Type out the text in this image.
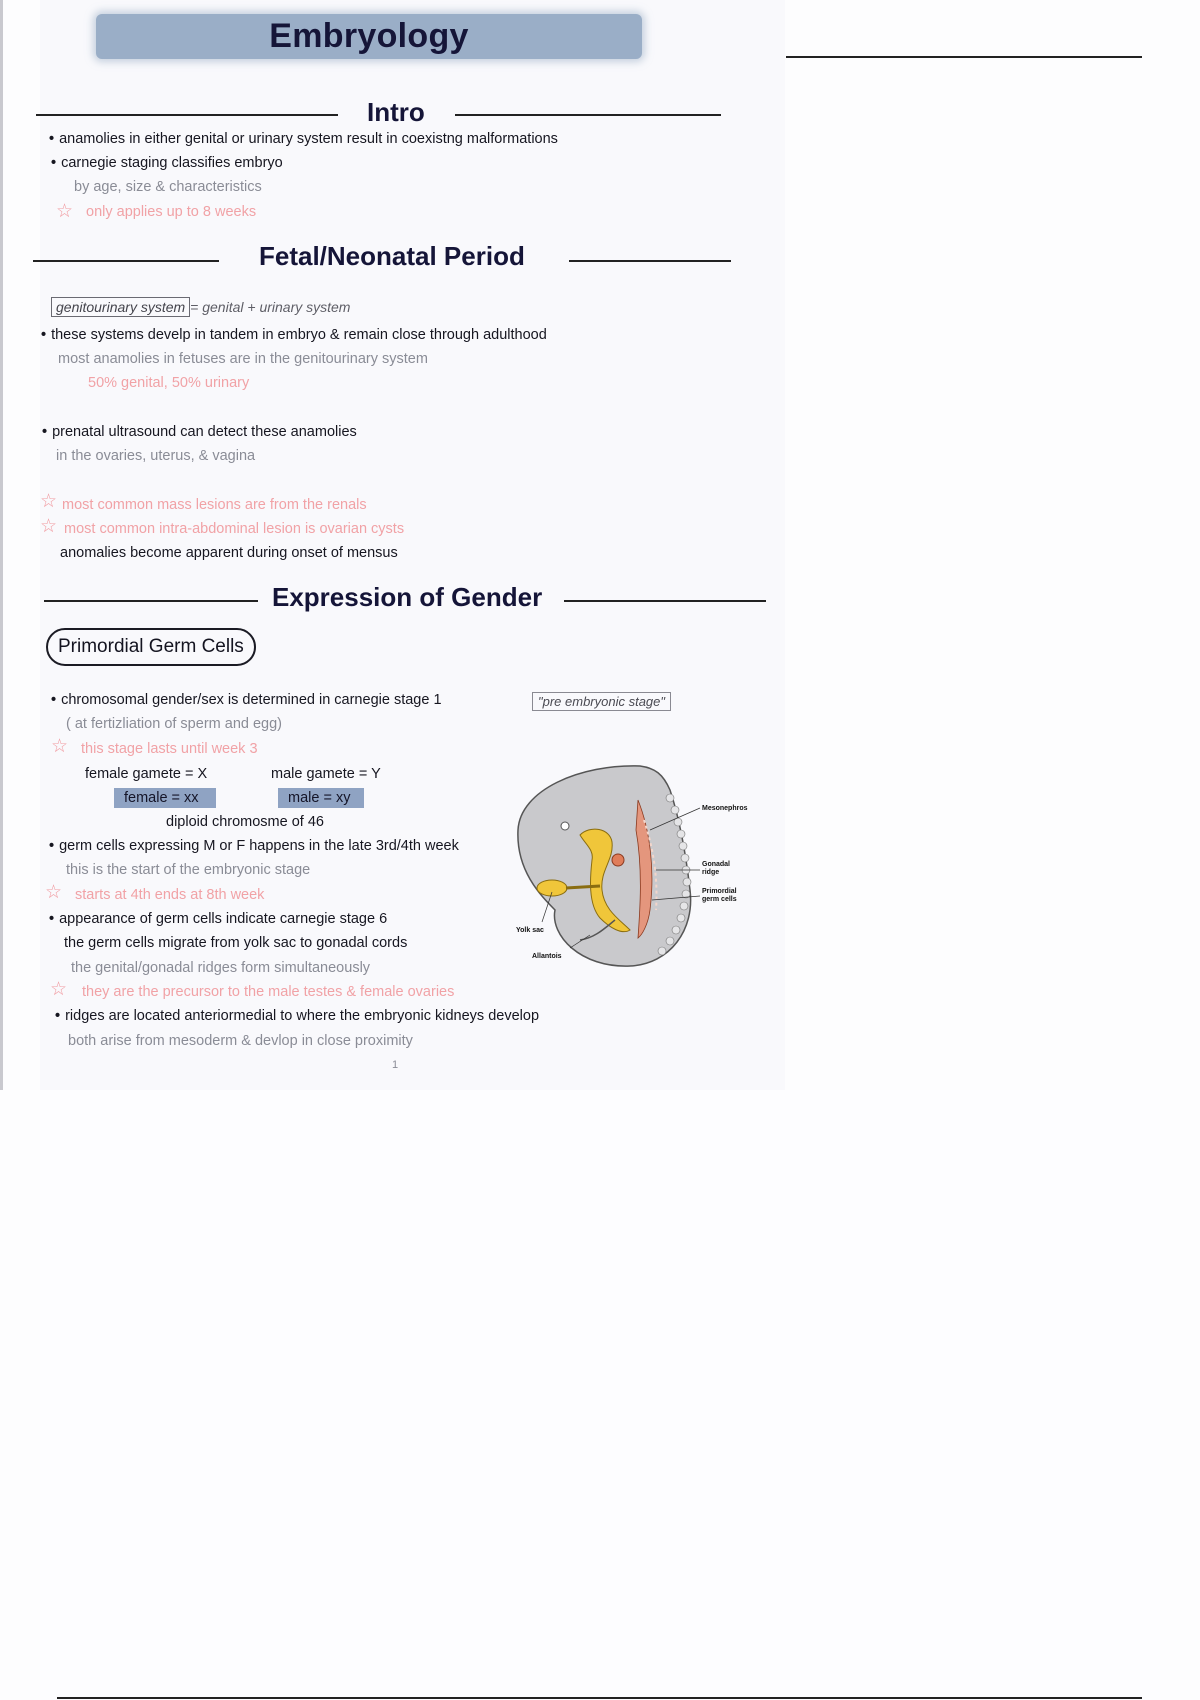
Embryology
Intro
• anamolies in either genital or urinary system result in coexistng malformations
• carnegie staging classifies embryo
by age, size & characteristics
☆ only applies up to 8 weeks
Fetal/Neonatal Period
genitourinary system = genital + urinary system
• these systems develp in tandem in embryo & remain close through adulthood
most anamolies in fetuses are in the genitourinary system
50% genital, 50% urinary
• prenatal ultrasound can detect these anamolies
in the ovaries, uterus, & vagina
☆ most common mass lesions are from the renals
☆ most common intra-abdominal lesion is ovarian cysts
anomalies become apparent during onset of mensus
Expression of Gender
Primordial Germ Cells
"pre embryonic stage"
• chromosomal gender/sex is determined in carnegie stage 1
( at fertizliation of sperm and egg)
☆ this stage lasts until week 3
female gamete = X	male gamete = Y
female = xx	male = xy
diploid chromosme of 46
• germ cells expressing M or F happens in the late 3rd/4th week
this is the start of the embryonic stage
☆ starts at 4th ends at 8th week
• appearance of germ cells indicate carnegie stage 6
the germ cells migrate from yolk sac to gonadal cords
the genital/gonadal ridges form simultaneously
☆ they are the precursor to the male testes & female ovaries
• ridges are located anteriormedial to where the embryonic kidneys develop
both arise from mesoderm & devlop in close proximity
1
Mesonephros
Gonadal
ridge
Primordial
germ cells
Yolk sac
Allantois
